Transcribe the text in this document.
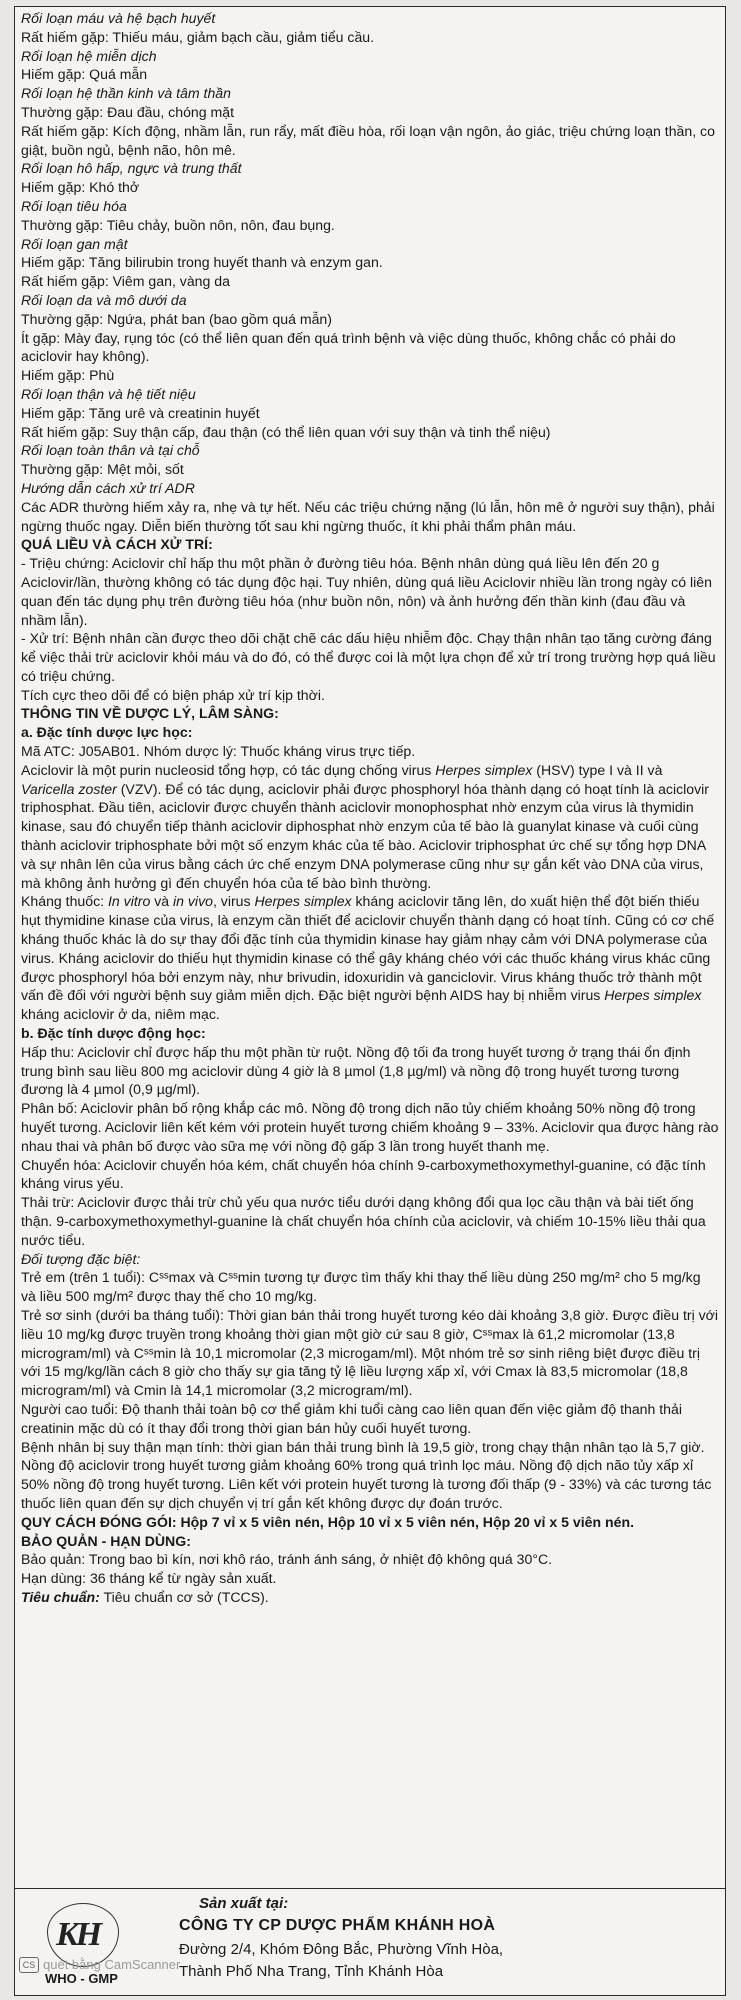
Rối loạn máu và hệ bạch huyết

Rất hiếm gặp: Thiếu máu, giảm bạch cầu, giảm tiểu cầu.

Rối loạn hệ miễn dịch

Hiếm gặp: Quá mẫn

Rối loạn hệ thần kinh và tâm thần

Thường gặp: Đau đầu, chóng mặt

Rất hiếm gặp: Kích động, nhầm lẫn, run rẩy, mất điều hòa, rối loạn vận ngôn, ảo giác, triệu chứng loạn thần, co giật, buồn ngủ, bệnh não, hôn mê.

Rối loạn hô hấp, ngực và trung thất

Hiếm gặp: Khó thở

Rối loạn tiêu hóa

Thường gặp: Tiêu chảy, buồn nôn, nôn, đau bụng.

Rối loạn gan mật

Hiếm gặp: Tăng bilirubin trong huyết thanh và enzym gan.

Rất hiếm gặp: Viêm gan, vàng da

Rối loạn da và mô dưới da

Thường gặp: Ngứa, phát ban (bao gồm quá mẫn)

Ít gặp: Mày đay, rụng tóc (có thể liên quan đến quá trình bệnh và việc dùng thuốc, không chắc có phải do aciclovir hay không).

Hiếm gặp: Phù

Rối loạn thận và hệ tiết niệu

Hiếm gặp: Tăng urê và creatinin huyết

Rất hiếm gặp: Suy thận cấp, đau thận (có thể liên quan với suy thận và tinh thể niệu)

Rối loạn toàn thân và tại chỗ

Thường gặp: Mệt mỏi, sốt

Hướng dẫn cách xử trí ADR

Các ADR thường hiếm xảy ra, nhẹ và tự hết. Nếu các triệu chứng nặng (lú lẫn, hôn mê ở người suy thận), phải ngừng thuốc ngay. Diễn biến thường tốt sau khi ngừng thuốc, ít khi phải thẩm phân máu.

QUÁ LIỀU VÀ CÁCH XỬ TRÍ:

- Triệu chứng: Aciclovir chỉ hấp thu một phần ở đường tiêu hóa. Bệnh nhân dùng quá liều lên đến 20 g Aciclovir/lần, thường không có tác dụng độc hại. Tuy nhiên, dùng quá liều Aciclovir nhiều lần trong ngày có liên quan đến tác dụng phụ trên đường tiêu hóa (như buồn nôn, nôn) và ảnh hưởng đến thần kinh (đau đầu và nhầm lẫn).

- Xử trí: Bệnh nhân cần được theo dõi chặt chẽ các dấu hiệu nhiễm độc. Chạy thận nhân tạo tăng cường đáng kể việc thải trừ aciclovir khỏi máu và do đó, có thể được coi là một lựa chọn để xử trí trong trường hợp quá liều có triệu chứng.

Tích cực theo dõi để có biện pháp xử trí kịp thời.

THÔNG TIN VỀ DƯỢC LÝ, LÂM SÀNG:

a. Đặc tính dược lực học:

Mã ATC: J05AB01. Nhóm dược lý: Thuốc kháng virus trực tiếp.

Aciclovir là một purin nucleosid tổng hợp, có tác dụng chống virus Herpes simplex (HSV) type I và II và Varicella zoster (VZV). Để có tác dụng, aciclovir phải được phosphoryl hóa thành dạng có hoạt tính là aciclovir triphosphat. Đầu tiên, aciclovir được chuyển thành aciclovir monophosphat nhờ enzym của virus là thymidin kinase, sau đó chuyển tiếp thành aciclovir diphosphat nhờ enzym của tế bào là guanylat kinase và cuối cùng thành aciclovir triphosphate bởi một số enzym khác của tế bào. Aciclovir triphosphat ức chế sự tổng hợp DNA và sự nhân lên của virus bằng cách ức chế enzym DNA polymerase cũng như sự gắn kết vào DNA của virus, mà không ảnh hưởng gì đến chuyển hóa của tế bào bình thường.

Kháng thuốc: In vitro và in vivo, virus Herpes simplex kháng aciclovir tăng lên, do xuất hiện thể đột biến thiếu hụt thymidine kinase của virus, là enzym cần thiết để aciclovir chuyển thành dạng có hoạt tính. Cũng có cơ chế kháng thuốc khác là do sự thay đổi đặc tính của thymidin kinase hay giảm nhạy cảm với DNA polymerase của virus. Kháng aciclovir do thiếu hụt thymidin kinase có thể gây kháng chéo với các thuốc kháng virus khác cũng được phosphoryl hóa bởi enzym này, như brivudin, idoxuridin và ganciclovir. Virus kháng thuốc trở thành một vấn đề đối với người bệnh suy giảm miễn dịch. Đặc biệt người bệnh AIDS hay bị nhiễm virus Herpes simplex kháng aciclovir ở da, niêm mạc.

b. Đặc tính dược động học:

Hấp thu: Aciclovir chỉ được hấp thu một phần từ ruột. Nồng độ tối đa trong huyết tương ở trạng thái ổn định trung bình sau liều 800 mg aciclovir dùng 4 giờ là 8 µmol (1,8 µg/ml) và nồng độ trong huyết tương tương đương là 4 µmol (0,9 µg/ml).

Phân bố: Aciclovir phân bố rộng khắp các mô. Nồng độ trong dịch não tủy chiếm khoảng 50% nồng độ trong huyết tương. Aciclovir liên kết kém với protein huyết tương chiếm khoảng 9 – 33%. Aciclovir qua được hàng rào nhau thai và phân bố được vào sữa mẹ với nồng độ gấp 3 lần trong huyết thanh mẹ.

Chuyển hóa: Aciclovir chuyển hóa kém, chất chuyển hóa chính 9-carboxymethoxymethyl-guanine, có đặc tính kháng virus yếu.

Thải trừ: Aciclovir được thải trừ chủ yếu qua nước tiểu dưới dạng không đổi qua lọc cầu thận và bài tiết ống thận. 9-carboxymethoxymethyl-guanine là chất chuyển hóa chính của aciclovir, và chiếm 10-15% liều thải qua nước tiểu.

Đối tượng đặc biệt:

Trẻ em (trên 1 tuổi): Cˢˢmax và Cˢˢmin tương tự được tìm thấy khi thay thế liều dùng 250 mg/m² cho 5 mg/kg và liều 500 mg/m² được thay thế cho 10 mg/kg.

Trẻ sơ sinh (dưới ba tháng tuổi): Thời gian bán thải trong huyết tương kéo dài khoảng 3,8 giờ. Được điều trị với liều 10 mg/kg được truyền trong khoảng thời gian một giờ cứ sau 8 giờ, Cˢˢmax là 61,2 micromolar (13,8 microgram/ml) và Cˢˢmin là 10,1 micromolar (2,3 microgam/ml). Một nhóm trẻ sơ sinh riêng biệt được điều trị với 15 mg/kg/lần cách 8 giờ cho thấy sự gia tăng tỷ lệ liều lượng xấp xỉ, với Cmax là 83,5 micromolar (18,8 microgram/ml) và Cmin là 14,1 micromolar (3,2 microgram/ml).

Người cao tuổi: Độ thanh thải toàn bộ cơ thể giảm khi tuổi càng cao liên quan đến việc giảm độ thanh thải creatinin mặc dù có ít thay đổi trong thời gian bán hủy cuối huyết tương.

Bệnh nhân bị suy thận mạn tính: thời gian bán thải trung bình là 19,5 giờ, trong chạy thận nhân tạo là 5,7 giờ. Nồng độ aciclovir trong huyết tương giảm khoảng 60% trong quá trình lọc máu. Nồng độ dịch não tủy xấp xỉ 50% nồng độ trong huyết tương. Liên kết với protein huyết tương là tương đối thấp (9 - 33%) và các tương tác thuốc liên quan đến sự dịch chuyển vị trí gắn kết không được dự đoán trước.

QUY CÁCH ĐÓNG GÓI: Hộp 7 vỉ x 5 viên nén, Hộp 10 vỉ x 5 viên nén, Hộp 20 vỉ x 5 viên nén.

BẢO QUẢN - HẠN DÙNG:

Bảo quản: Trong bao bì kín, nơi khô ráo, tránh ánh sáng, ở nhiệt độ không quá 30°C.

Hạn dùng: 36 tháng kể từ ngày sản xuất.

Tiêu chuẩn: Tiêu chuẩn cơ sở (TCCS).

KH
CS quét bằng CamScanner
WHO - GMP
Sản xuất tại:
CÔNG TY CP DƯỢC PHẨM KHÁNH HOÀ
Đường 2/4, Khóm Đông Bắc, Phường Vĩnh Hòa,
Thành Phố Nha Trang, Tỉnh Khánh Hòa
